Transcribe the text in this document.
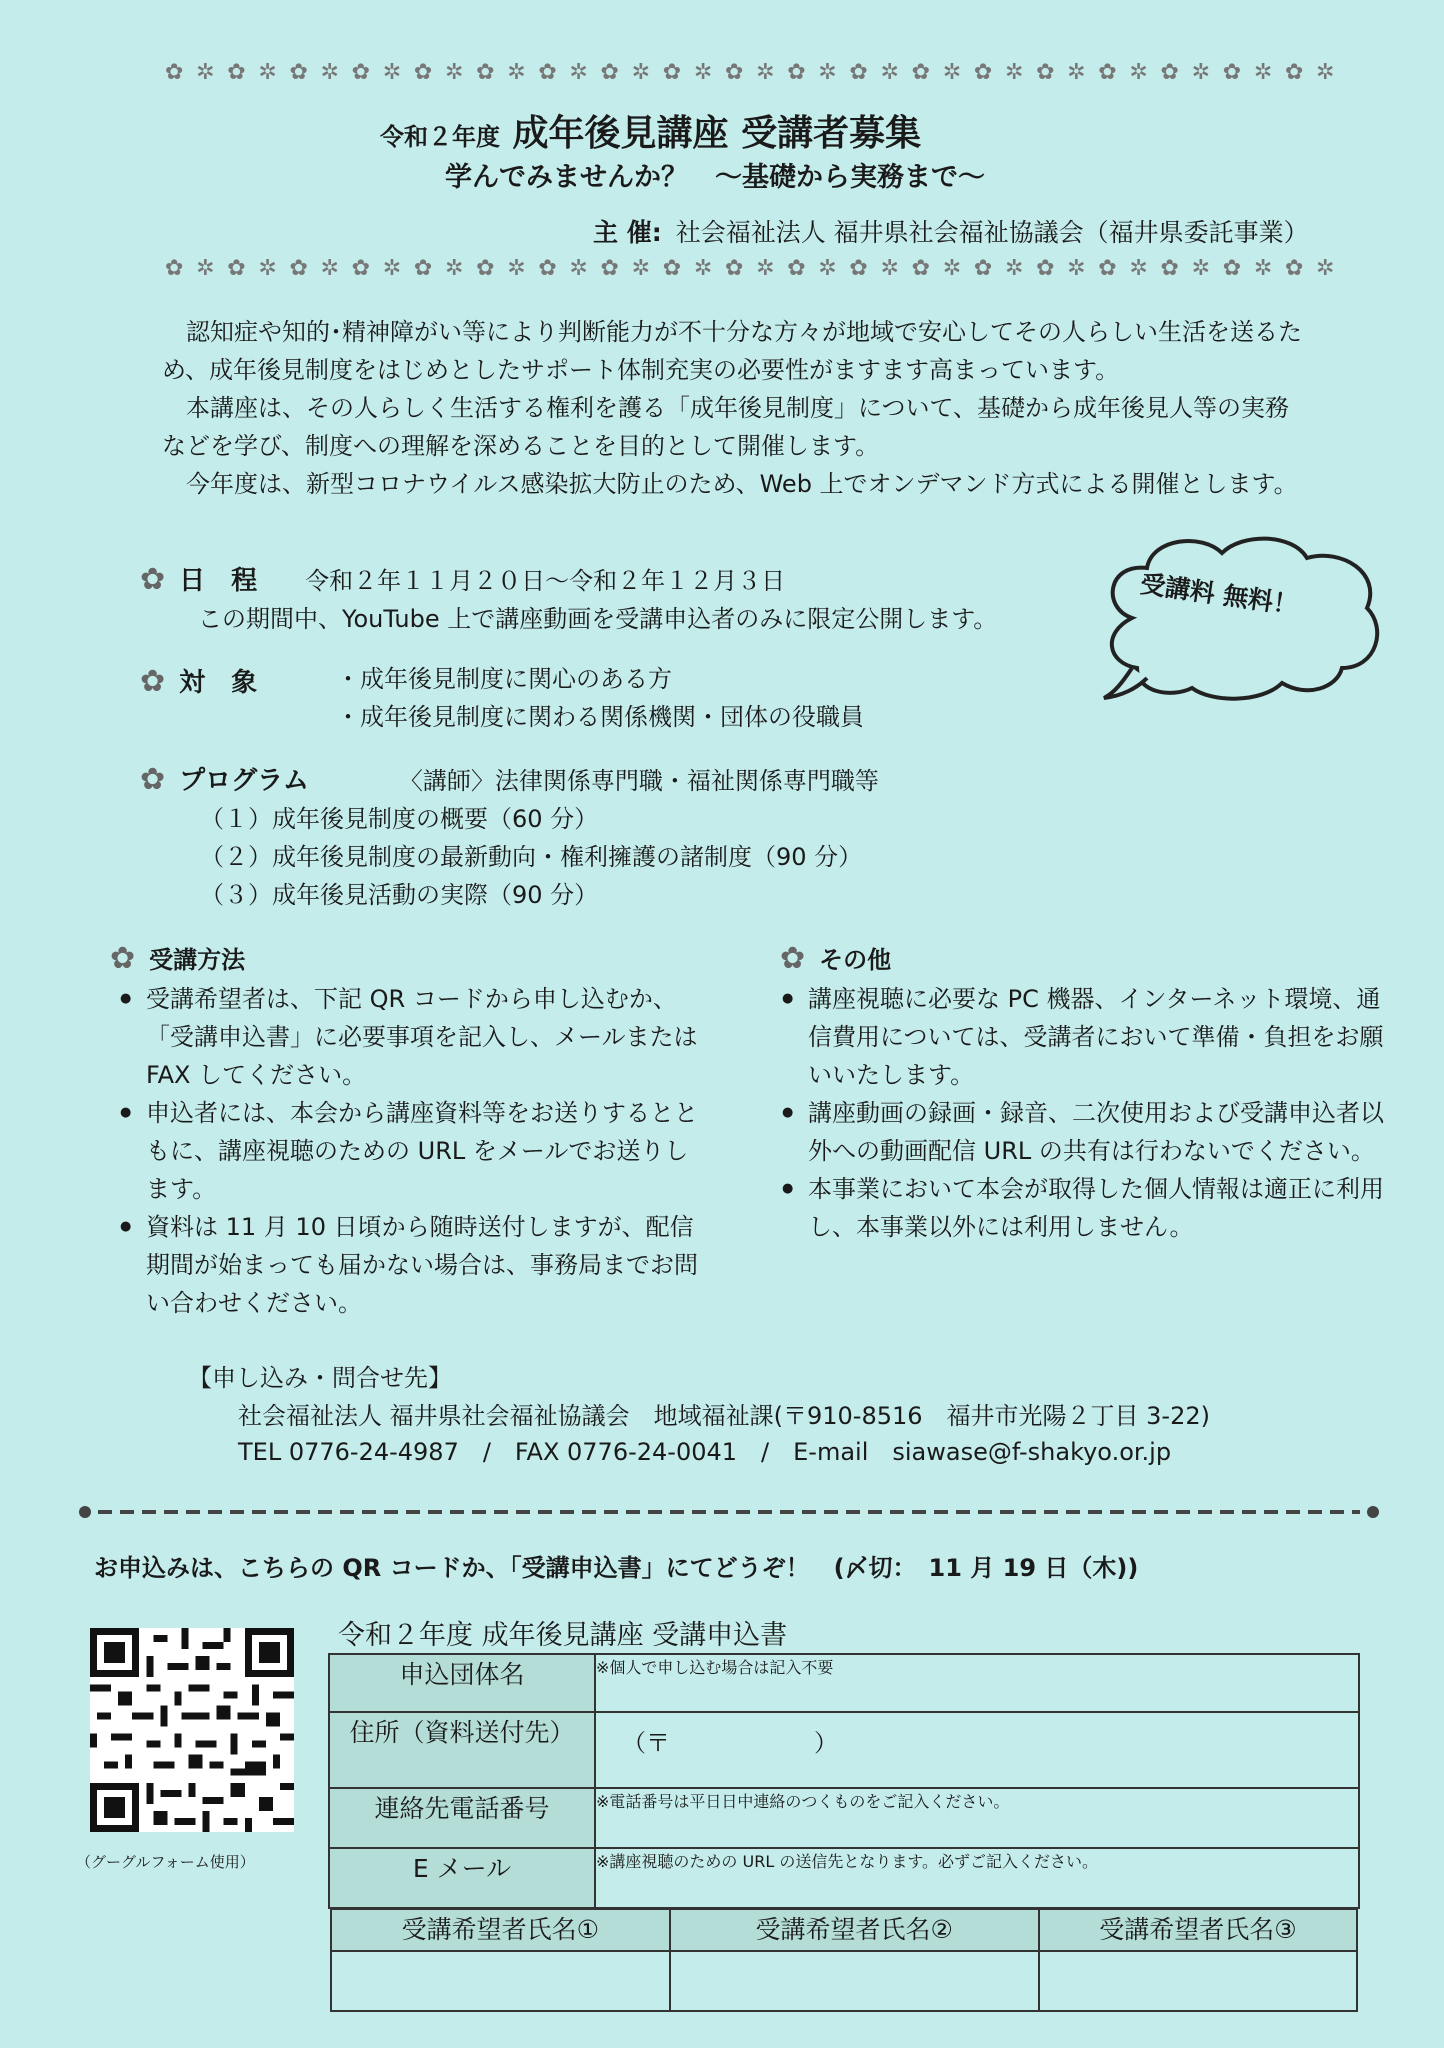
✿ ✲ ✿ ✲ ✿ ✲ ✿ ✲ ✿ ✲ ✿ ✲ ✿ ✲ ✿ ✲ ✿ ✲ ✿ ✲ ✿ ✲ ✿ ✲ ✿ ✲ ✿ ✲ ✿ ✲ ✿ ✲ ✿ ✲ ✿ ✲ ✿ ✲
令和２年度 成年後見講座 受講者募集
学んでみませんか？　～基礎から実務まで～
主 催: 社会福祉法人 福井県社会福祉協議会（福井県委託事業）
✿ ✲ ✿ ✲ ✿ ✲ ✿ ✲ ✿ ✲ ✿ ✲ ✿ ✲ ✿ ✲ ✿ ✲ ✿ ✲ ✿ ✲ ✿ ✲ ✿ ✲ ✿ ✲ ✿ ✲ ✿ ✲ ✿ ✲ ✿ ✲ ✿ ✲

認知症や知的･精神障がい等により判断能力が不十分な方々が地域で安心してその人らしい生活を送るため、成年後見制度をはじめとしたサポート体制充実の必要性がますます高まっています。

本講座は、その人らしく生活する権利を護る「成年後見制度」について、基礎から成年後見人等の実務などを学び、制度への理解を深めることを目的として開催します。

今年度は、新型コロナウイルス感染拡大防止のため、Web 上でオンデマンド方式による開催とします。

✿ 日　程 令和２年１１月２０日～令和２年１２月３日
この期間中、YouTube 上で講座動画を受講申込者のみに限定公開します。	受講料 無料！
✿ 対　象	・成年後見制度に関心のある方
・成年後見制度に関わる関係機関・団体の役職員
✿ プログラム	〈講師〉法律関係専門職・福祉関係専門職等
（１）成年後見制度の概要（60 分）
（２）成年後見制度の最新動向・権利擁護の諸制度（90 分）
（３）成年後見活動の実際（90 分）
✿ 受講方法
● 受講希望者は、下記 QR コードから申し込むか、「受講申込書」に必要事項を記入し、メールまたは FAX してください。
● 申込者には、本会から講座資料等をお送りするとともに、講座視聴のための URL をメールでお送りします。
● 資料は 11 月 10 日頃から随時送付しますが、配信期間が始まっても届かない場合は、事務局までお問い合わせください。
✿ その他
● 講座視聴に必要な PC 機器、インターネット環境、通信費用については、受講者において準備・負担をお願いいたします。
● 講座動画の録画・録音、二次使用および受講申込者以外への動画配信 URL の共有は行わないでください。
● 本事業において本会が取得した個人情報は適正に利用し、本事業以外には利用しません。
【申し込み・問合せ先】
社会福祉法人 福井県社会福祉協議会　地域福祉課(〒910-8516　福井市光陽２丁目 3-22)
TEL 0776-24-4987　/　FAX 0776-24-0041　/　E-mail　siawase@f-shakyo.or.jp
お申込みは、こちらの QR コードか、「受講申込書」にてどうぞ！　(〆切：　11 月 19 日（木))
（グーグルフォーム使用）
令和２年度 成年後見講座 受講申込書
申込団体名	※個人で申し込む場合は記入不要
住所（資料送付先）	（〒　　　　　　）
連絡先電話番号	※電話番号は平日日中連絡のつくものをご記入ください。
E メール	※講座視聴のための URL の送信先となります。必ずご記入ください。
受講希望者氏名①	受講希望者氏名②	受講希望者氏名③
